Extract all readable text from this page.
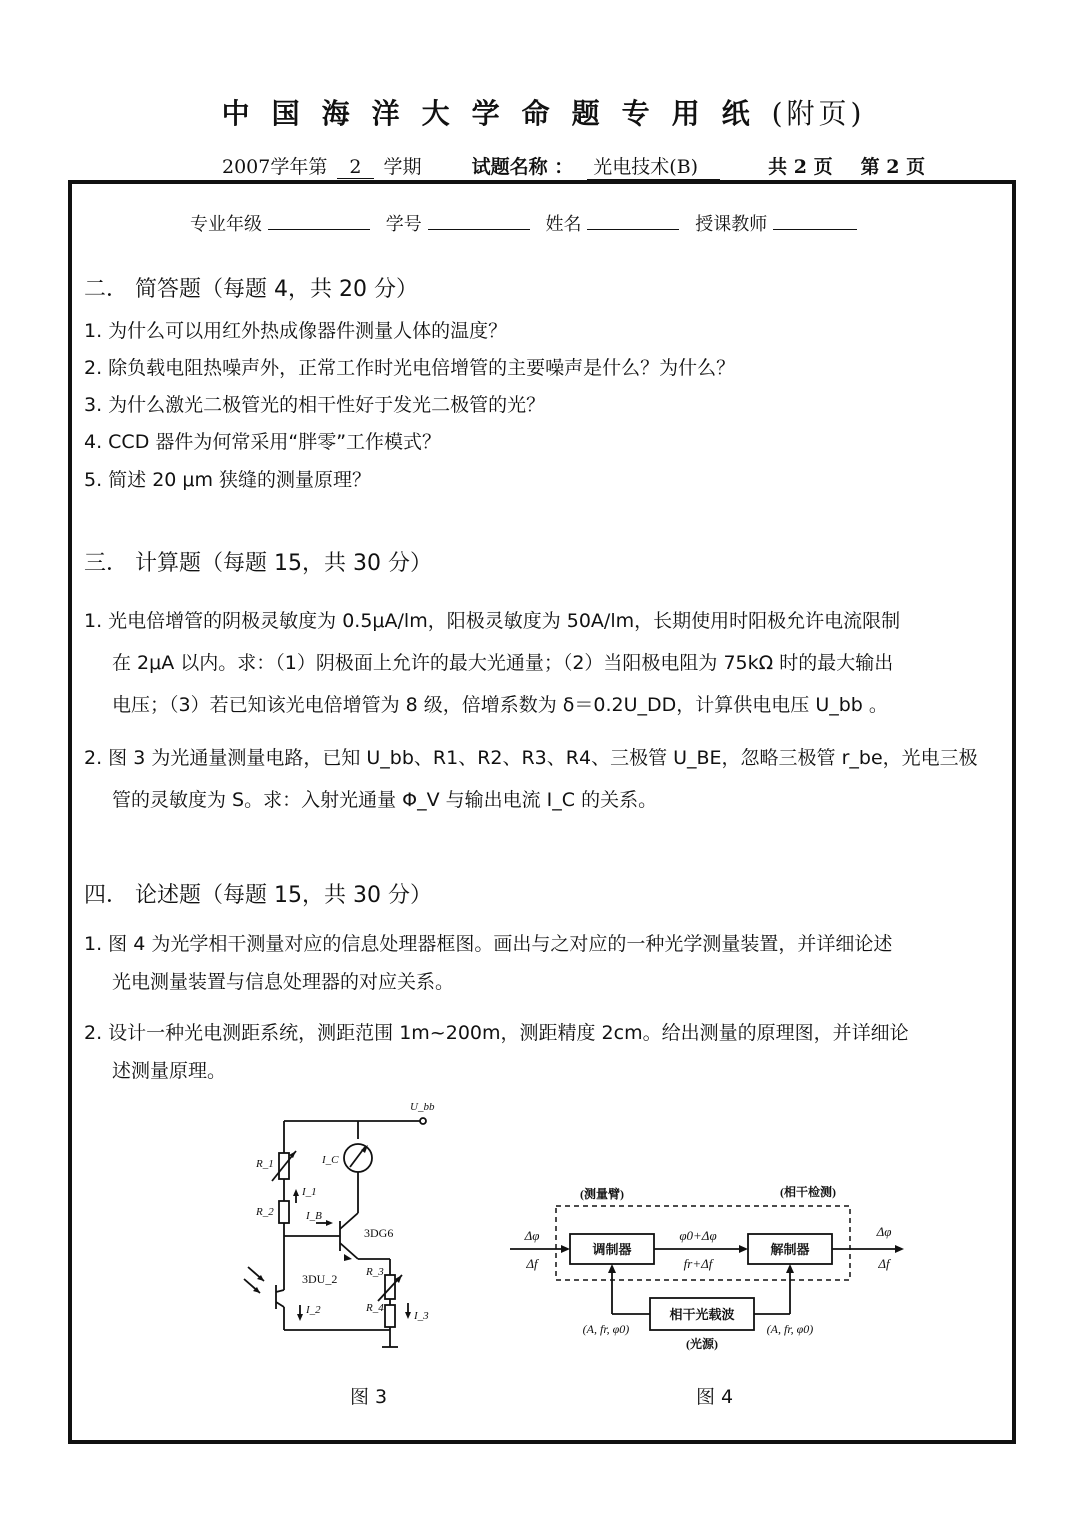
中国海洋大学命题专用纸(附页)
2007学年第 2 学期	试题名称 ： 光电技术(B)	共 2 页 第 2 页
专业年级	学号	姓名	授课教师
二． 简答题（每题 4，共 20 分）
1. 为什么可以用红外热成像器件测量人体的温度？
2. 除负载电阻热噪声外，正常工作时光电倍增管的主要噪声是什么？为什么？
3. 为什么激光二极管光的相干性好于发光二极管的光？
4. CCD 器件为何常采用“胖零”工作模式？
5. 简述 20 μm 狭缝的测量原理？
三． 计算题（每题 15，共 30 分）
1. 光电倍增管的阴极灵敏度为 0.5μA/lm，阳极灵敏度为 50A/lm，长期使用时阳极允许电流限制
在 2μA 以内。求：（1）阴极面上允许的最大光通量；（2）当阳极电阻为 75kΩ 时的最大输出
电压；（3）若已知该光电倍增管为 8 级，倍增系数为 δ＝0.2U_DD，计算供电电压 U_bb 。
2. 图 3 为光通量测量电路，已知 U_bb、R1、R2、R3、R4、三极管 U_BE，忽略三极管 r_be，光电三极
管的灵敏度为 S。求：入射光通量 Φ_V 与输出电流 I_C 的关系。
四． 论述题（每题 15，共 30 分）
1. 图 4 为光学相干测量对应的信息处理器框图。画出与之对应的一种光学测量装置，并详细论述
光电测量装置与信息处理器的对应关系。
2. 设计一种光电测距系统，测距范围 1m~200m，测距精度 2cm。给出测量的原理图，并详细论
述测量原理。
U_bb
R_1
R_2
I_C
I_1
I_B
I_2
R_3
R_4
I_3
3DG6
3DU_2
图 3
调制器	解制器
相干光载波
(测量臂)	(相干检测)
(光源)
Δφ
Δf
Δφ
Δf
φ0+Δφ
fr+Δf
(A, fr, φ0)	(A, fr, φ0)
图 4
